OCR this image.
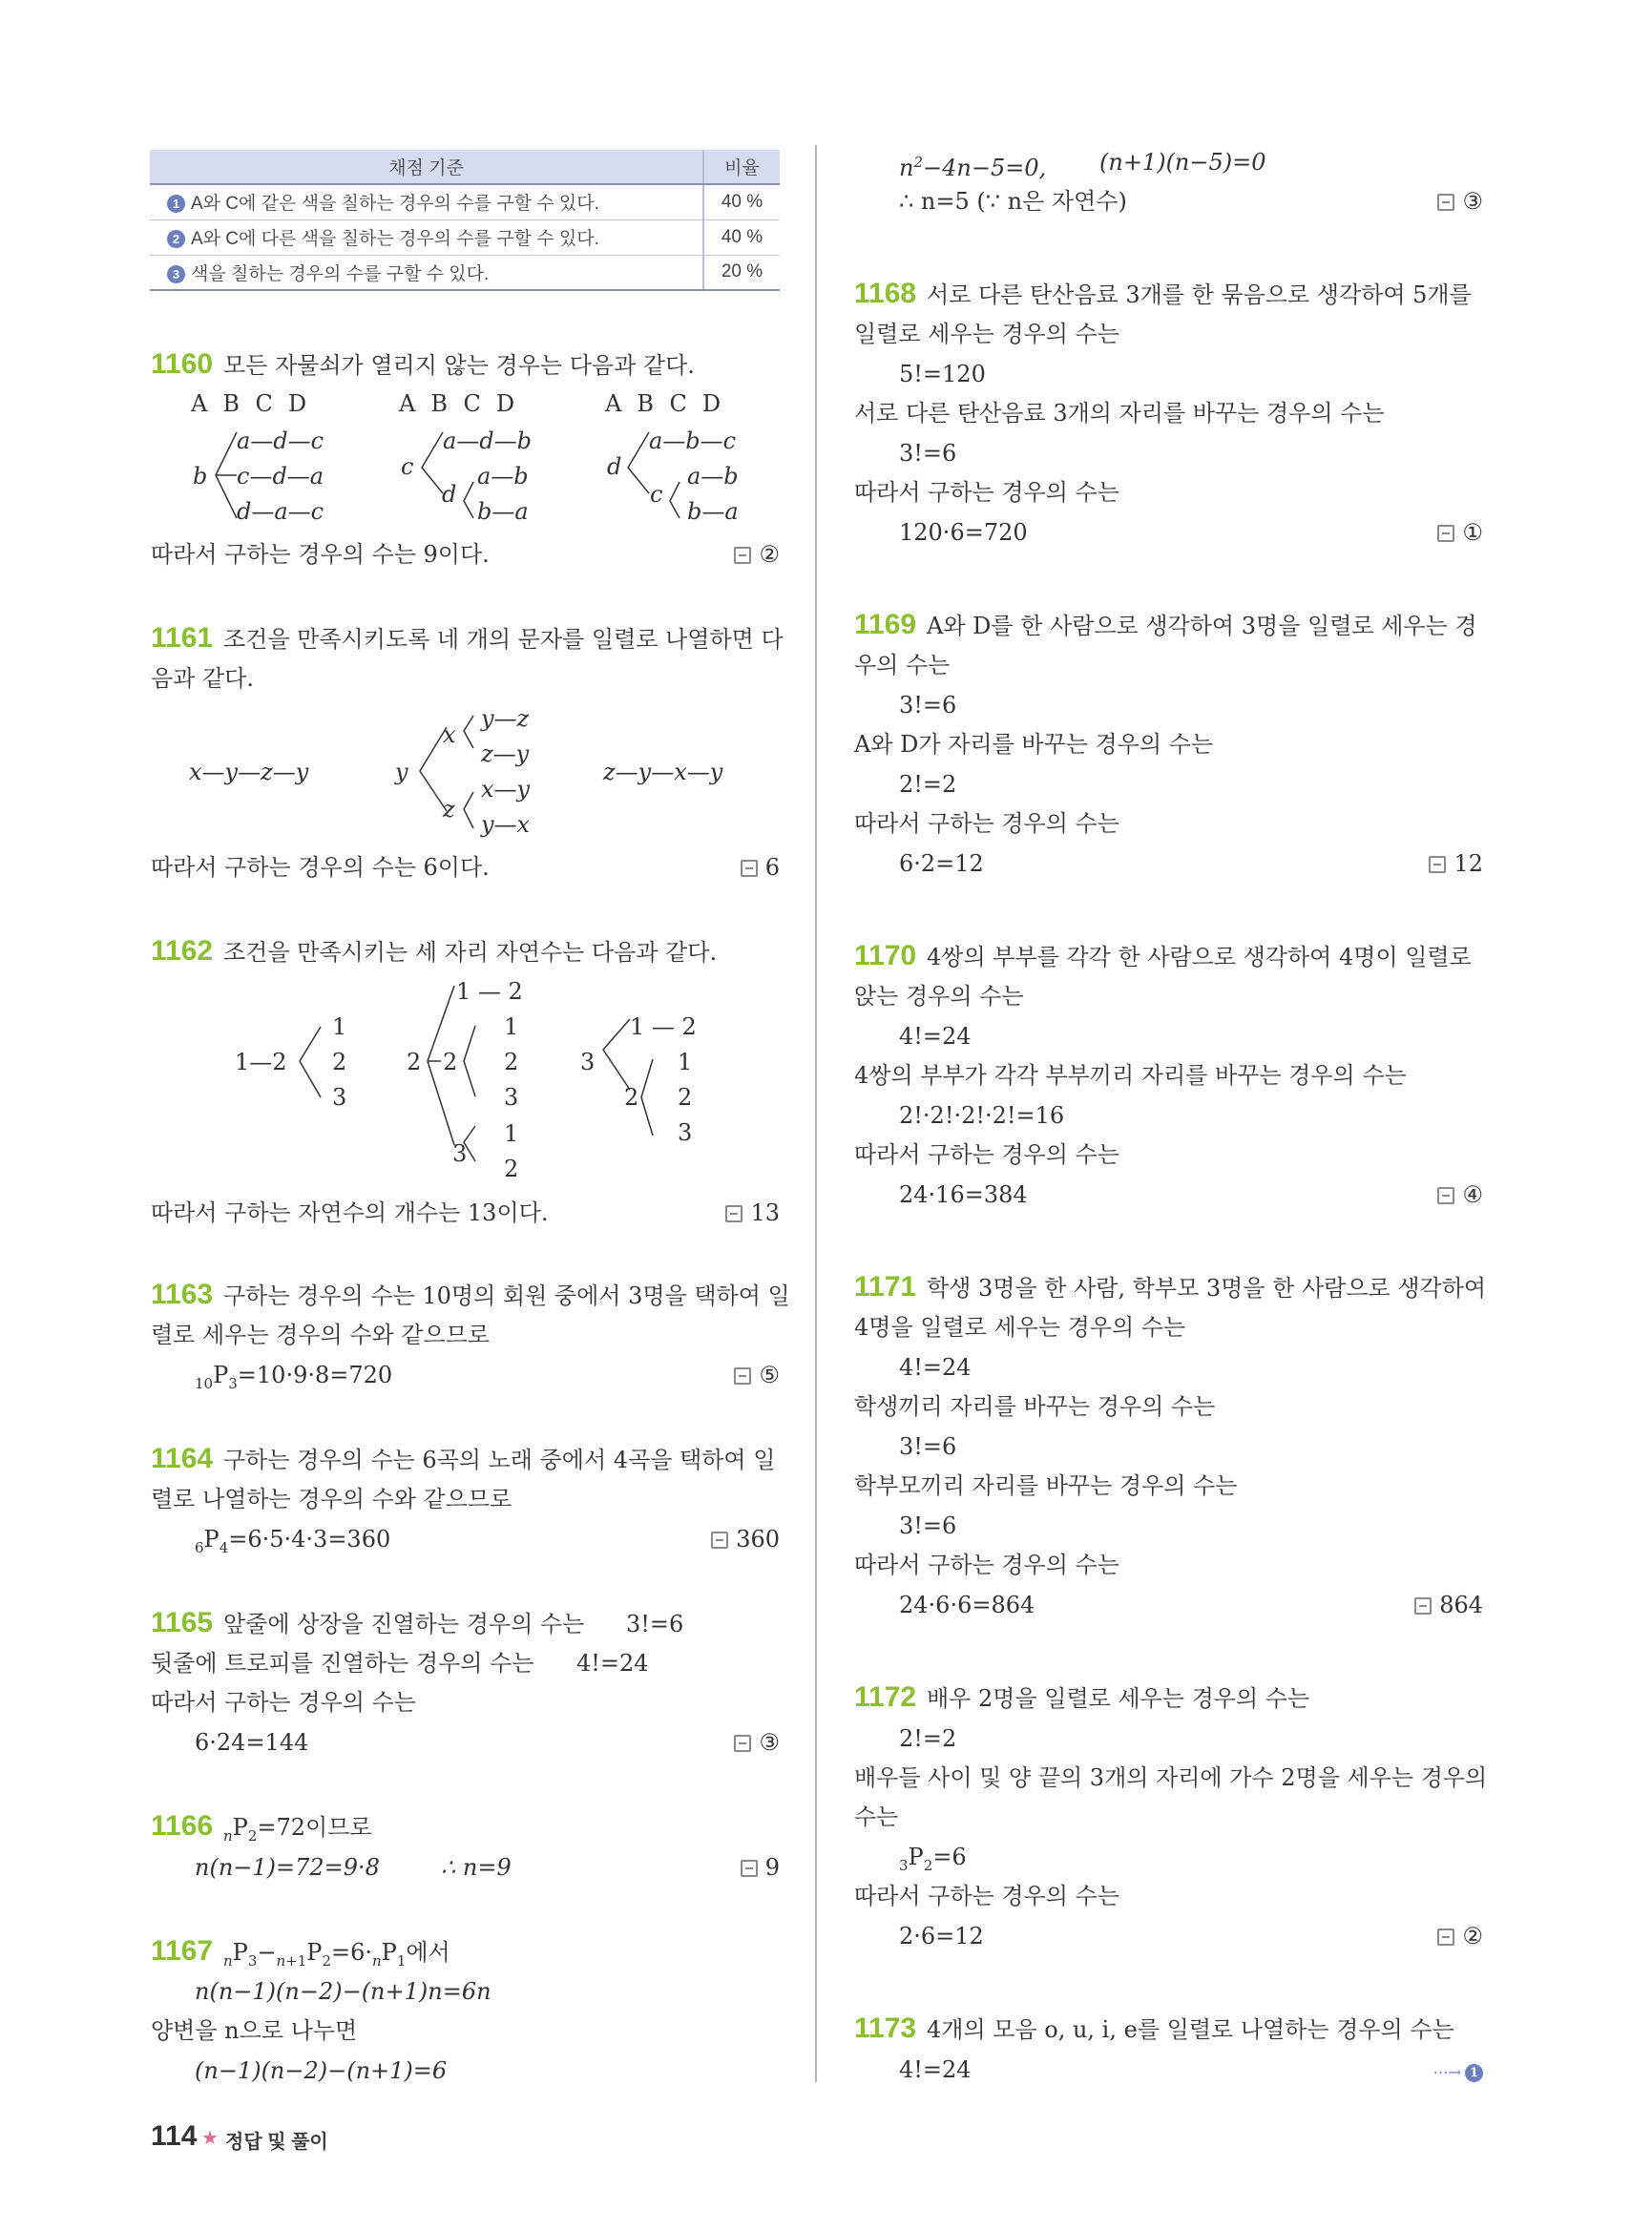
채점 기준	비율
1 A와 C에 같은 색을 칠하는 경우의 수를 구할 수 있다.	40 %
2 A와 C에 다른 색을 칠하는 경우의 수를 구할 수 있다.	40 %
3 색을 칠하는 경우의 수를 구할 수 있다.	20 %
1160 모든 자물쇠가 열리지 않는 경우는 다음과 같다.
ABCD	ABCD	ABCD
b
a—d—c
c—d—a
d—a—c
c
a—d—b
d
a—b
b—a
d
a—b—c
c
a—b
b—a
따라서 구하는 경우의 수는 9이다.	②
1161 조건을 만족시키도록 네 개의 문자를 일렬로 나열하면 다
음과 같다.
x—y—z—y	y
x
z
y—z
z—y
x—y
y—x
z—y—x—y
따라서 구하는 경우의 수는 6이다.	6
1162 조건을 만족시키는 세 자리 자연수는 다음과 같다.
1—2
1
2
3
2
1 — 2
2
1
2
3
3
1
2
3
1 — 2
2
1
2
3
따라서 구하는 자연수의 개수는 13이다.	13
1163 구하는 경우의 수는 10명의 회원 중에서 3명을 택하여 일
렬로 세우는 경우의 수와 같으므로
$_{10}P_3=10\cdot 9\cdot 8=720$	⑤
1164 구하는 경우의 수는 6곡의 노래 중에서 4곡을 택하여 일
렬로 나열하는 경우의 수와 같으므로
$_6P_4=6\cdot 5\cdot 4\cdot 3=360$	360
1165 앞줄에 상장을 진열하는 경우의 수는 3!=6
뒷줄에 트로피를 진열하는 경우의 수는 4!=24
따라서 구하는 경우의 수는
6·24=144	③
1166 $_nP_2=72$이므로
n(n−1)=72=9·8	∴ n=9	9
1167 $_nP_3-_{n+1}P_2=6\cdot_nP_1$에서
n(n−1)(n−2)−(n+1)n=6n
양변을 n으로 나누면
(n−1)(n−2)−(n+1)=6
$n^2-4n-5=0$, (n+1)(n−5)=0
∴ n=5 (∵ n은 자연수)	③
1168 서로 다른 탄산음료 3개를 한 묶음으로 생각하여 5개를
일렬로 세우는 경우의 수는
5!=120
서로 다른 탄산음료 3개의 자리를 바꾸는 경우의 수는
3!=6
따라서 구하는 경우의 수는
120·6=720	①
1169 A와 D를 한 사람으로 생각하여 3명을 일렬로 세우는 경
우의 수는
3!=6
A와 D가 자리를 바꾸는 경우의 수는
2!=2
따라서 구하는 경우의 수는
6·2=12	12
1170 4쌍의 부부를 각각 한 사람으로 생각하여 4명이 일렬로
앉는 경우의 수는
4!=24
4쌍의 부부가 각각 부부끼리 자리를 바꾸는 경우의 수는
2!·2!·2!·2!=16
따라서 구하는 경우의 수는
24·16=384	④
1171 학생 3명을 한 사람, 학부모 3명을 한 사람으로 생각하여
4명을 일렬로 세우는 경우의 수는
4!=24
학생끼리 자리를 바꾸는 경우의 수는
3!=6
학부모끼리 자리를 바꾸는 경우의 수는
3!=6
따라서 구하는 경우의 수는
24·6·6=864	864
1172 배우 2명을 일렬로 세우는 경우의 수는
2!=2
배우들 사이 및 양 끝의 3개의 자리에 가수 2명을 세우는 경우의
수는
$_3P_2=6$
따라서 구하는 경우의 수는
2·6=12	②
1173 4개의 모음 o, u, i, e를 일렬로 나열하는 경우의 수는
4!=24	⋯→ 1
114 ★ 정답 및 풀이
